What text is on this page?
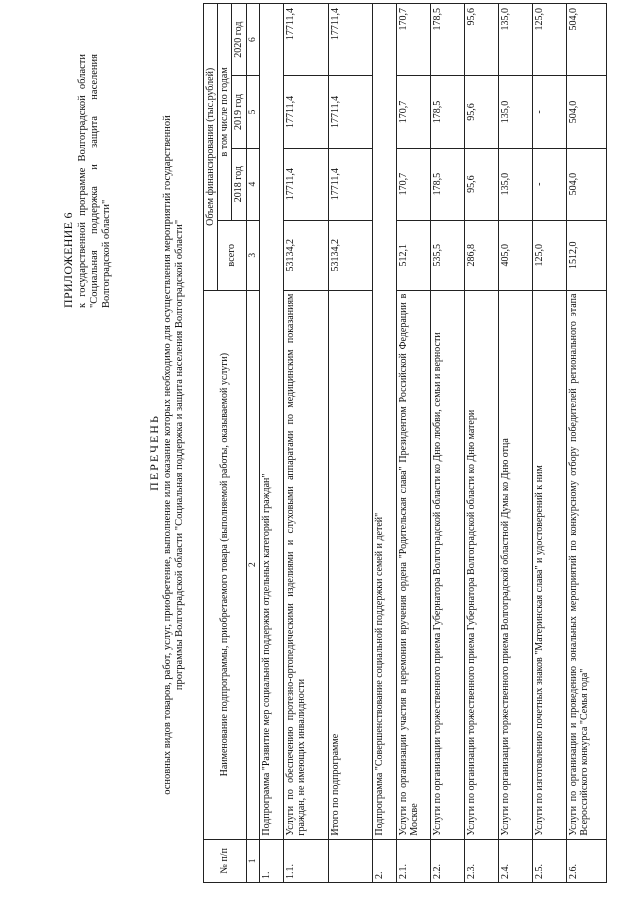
ПРИЛОЖЕНИЕ 6 к государственной программе Волгоградской области "Социальная поддержка и защита населения Волгоградской области"
ПЕРЕЧЕНЬ основных видов товаров, работ, услуг, приобретение, выполнение или оказание которых необходимо для осуществления мероприятий государственной программы Волгоградской области "Социальная поддержка и защита населения Волгоградской области"
№ п/п	Наименование подпрограммы, приобретаемого товара (выполняемой работы, оказываемой услуги)	Объем финансирования (тыс.рублей)			
		всего	в том числе по годам		
			2018 год	2019 год	2020 год
1	2	3	4	5	6
1.	Подпрограмма "Развитие мер социальной поддержки отдельных категорий граждан"				
1.1.	Услуги по обеспечению протезно-ортопедическими изделиями и слуховыми аппаратами по медицинским показаниям граждан, не имеющих инвалидности	53134,2	17711,4	17711,4	17711,4
	Итого по подпрограмме	53134,2	17711,4	17711,4	17711,4
2.	Подпрограмма "Совершенствование социальной поддержки семей и детей"				
2.1.	Услуги по организации участия в церемонии вручения ордена "Родительская слава" Президентом Российской Федерации в Москве	512,1	170,7	170,7	170,7
2.2.	Услуги по организации торжественного приема Губернатора Волгоградской области ко Дню любви, семьи и верности	535,5	178,5	178,5	178,5
2.3.	Услуги по организации торжественного приема Губернатора Волгоградской области ко Дню матери	286,8	95,6	95,6	95,6
2.4.	Услуги по организации торжественного приема Волгоградской областной Думы ко Дню отца	405,0	135,0	135,0	135,0
2.5.	Услуги по изготовлению почетных знаков "Материнская слава" и удостоверений к ним	125,0	-	-	125,0
2.6.	Услуги по организации и проведению зональных мероприятий по конкурсному отбору победителей регионального этапа Всероссийского конкурса "Семья года"	1512,0	504,0	504,0	504,0
